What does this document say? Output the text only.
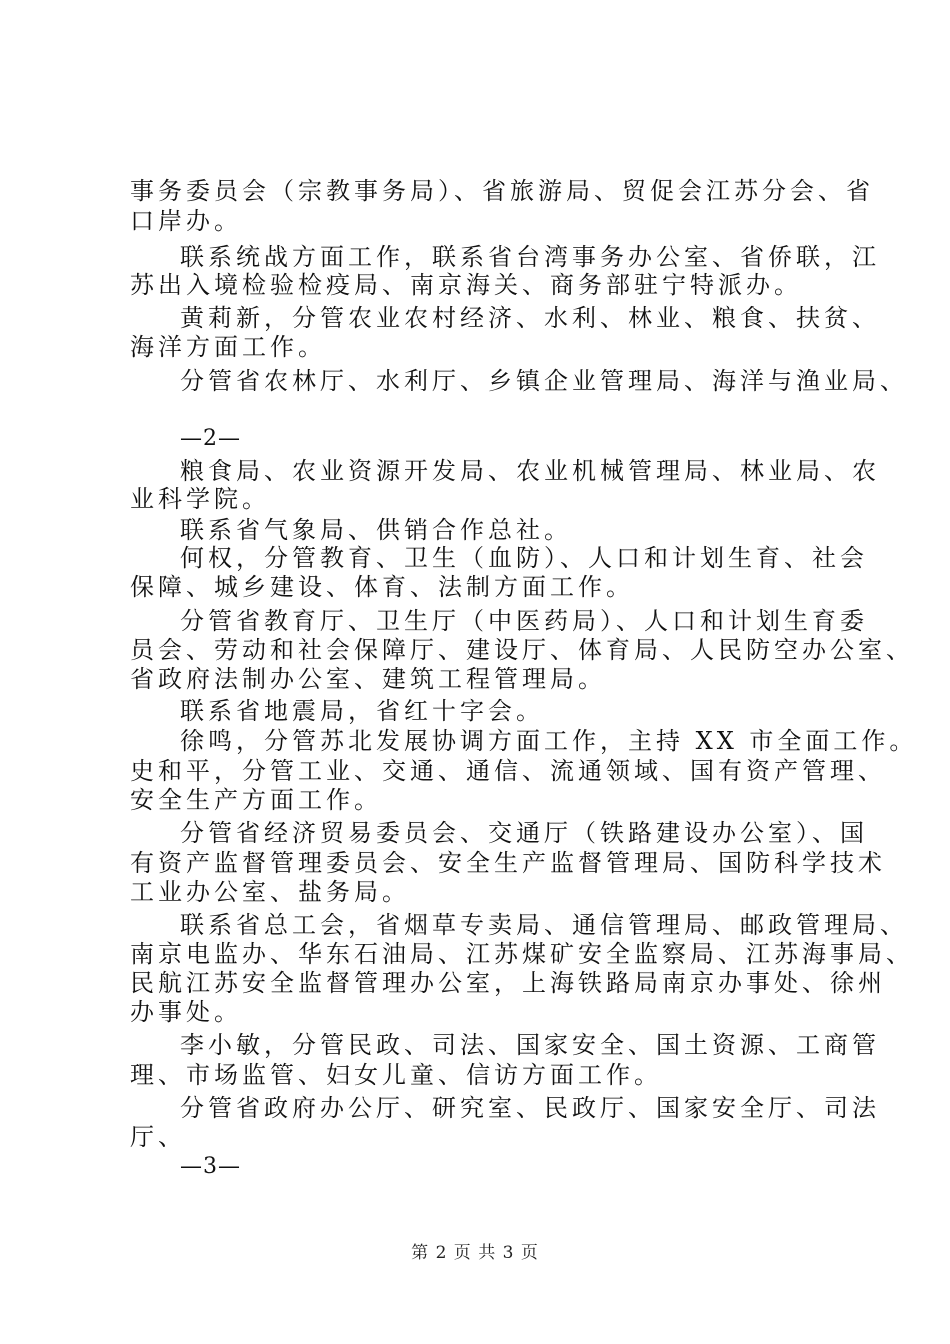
事务委员会（宗教事务局）、省旅游局、贸促会江苏分会、省
口岸办。
联系统战方面工作，联系省台湾事务办公室、省侨联，江
苏出入境检验检疫局、南京海关、商务部驻宁特派办。
黄莉新，分管农业农村经济、水利、林业、粮食、扶贫、
海洋方面工作。
分管省农林厅、水利厅、乡镇企业管理局、海洋与渔业局、
—2—
粮食局、农业资源开发局、农业机械管理局、林业局、农
业科学院。
联系省气象局、供销合作总社。
何权，分管教育、卫生（血防）、人口和计划生育、社会
保障、城乡建设、体育、法制方面工作。
分管省教育厅、卫生厅（中医药局）、人口和计划生育委
员会、劳动和社会保障厅、建设厅、体育局、人民防空办公室、
省政府法制办公室、建筑工程管理局。
联系省地震局，省红十字会。
徐鸣，分管苏北发展协调方面工作，主持 XX 市全面工作。
史和平，分管工业、交通、通信、流通领域、国有资产管理、
安全生产方面工作。
分管省经济贸易委员会、交通厅（铁路建设办公室）、国
有资产监督管理委员会、安全生产监督管理局、国防科学技术
工业办公室、盐务局。
联系省总工会，省烟草专卖局、通信管理局、邮政管理局、
南京电监办、华东石油局、江苏煤矿安全监察局、江苏海事局、
民航江苏安全监督管理办公室，上海铁路局南京办事处、徐州
办事处。
李小敏，分管民政、司法、国家安全、国土资源、工商管
理、市场监管、妇女儿童、信访方面工作。
分管省政府办公厅、研究室、民政厅、国家安全厅、司法
厅、
—3—
第 2 页 共 3 页
